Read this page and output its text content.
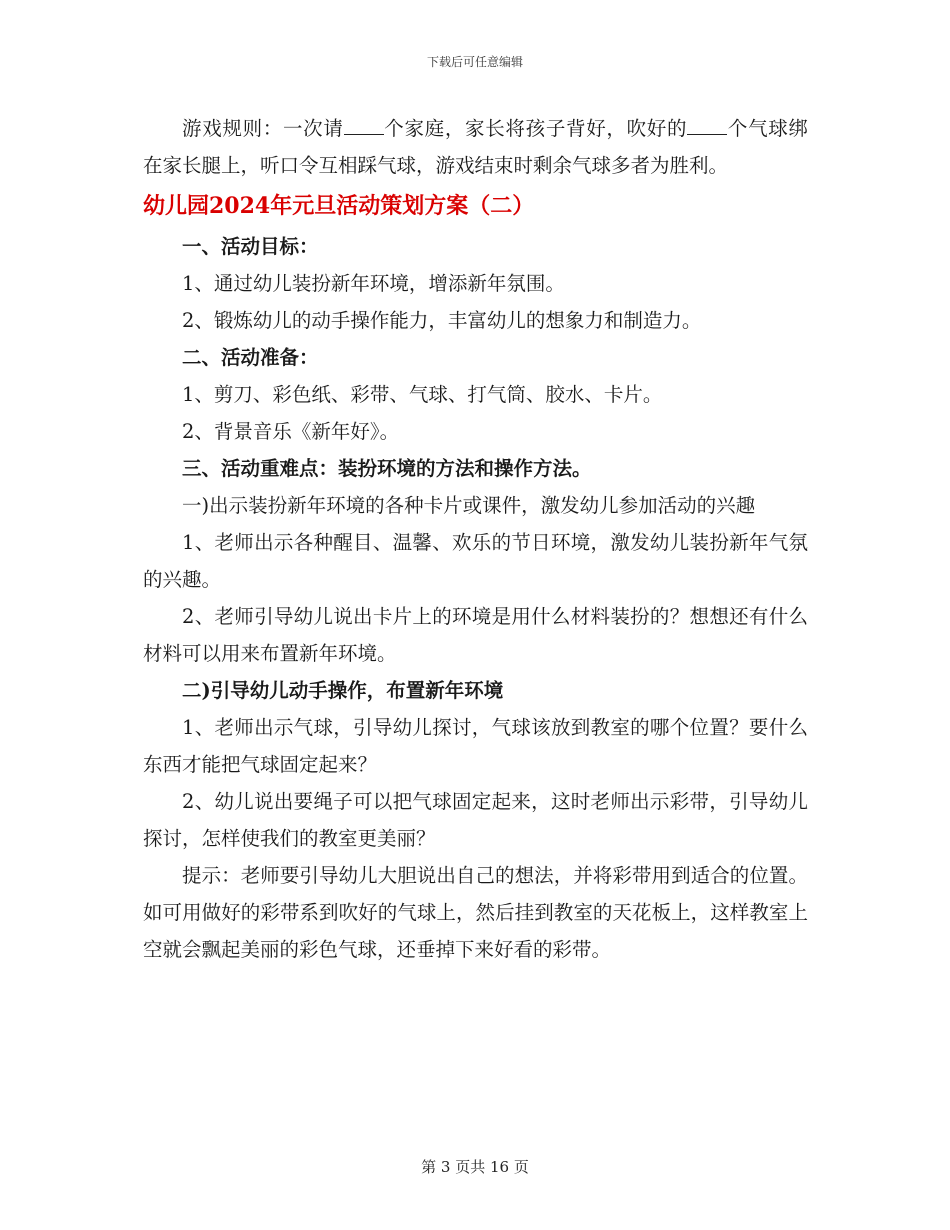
下载后可任意编辑

游戏规则：一次请 个家庭，家长将孩子背好，吹好的 个气球绑在家长腿上，听口令互相踩气球，游戏结束时剩余气球多者为胜利。

幼儿园2024年元旦活动策划方案（二）

一、活动目标：

1、通过幼儿装扮新年环境，增添新年氛围。

2、锻炼幼儿的动手操作能力，丰富幼儿的想象力和制造力。

二、活动准备：

1、剪刀、彩色纸、彩带、气球、打气筒、胶水、卡片。

2、背景音乐《新年好》。

三、活动重难点：装扮环境的方法和操作方法。

一)出示装扮新年环境的各种卡片或课件，激发幼儿参加活动的兴趣

1、老师出示各种醒目、温馨、欢乐的节日环境，激发幼儿装扮新年气氛的兴趣。

2、老师引导幼儿说出卡片上的环境是用什么材料装扮的？想想还有什么材料可以用来布置新年环境。

二)引导幼儿动手操作，布置新年环境

1、老师出示气球，引导幼儿探讨，气球该放到教室的哪个位置？要什么东西才能把气球固定起来？

2、幼儿说出要绳子可以把气球固定起来，这时老师出示彩带，引导幼儿探讨，怎样使我们的教室更美丽？

提示：老师要引导幼儿大胆说出自己的想法，并将彩带用到适合的位置。如可用做好的彩带系到吹好的气球上，然后挂到教室的天花板上，这样教室上空就会飘起美丽的彩色气球，还垂掉下来好看的彩带。

第 3 页共 16 页
